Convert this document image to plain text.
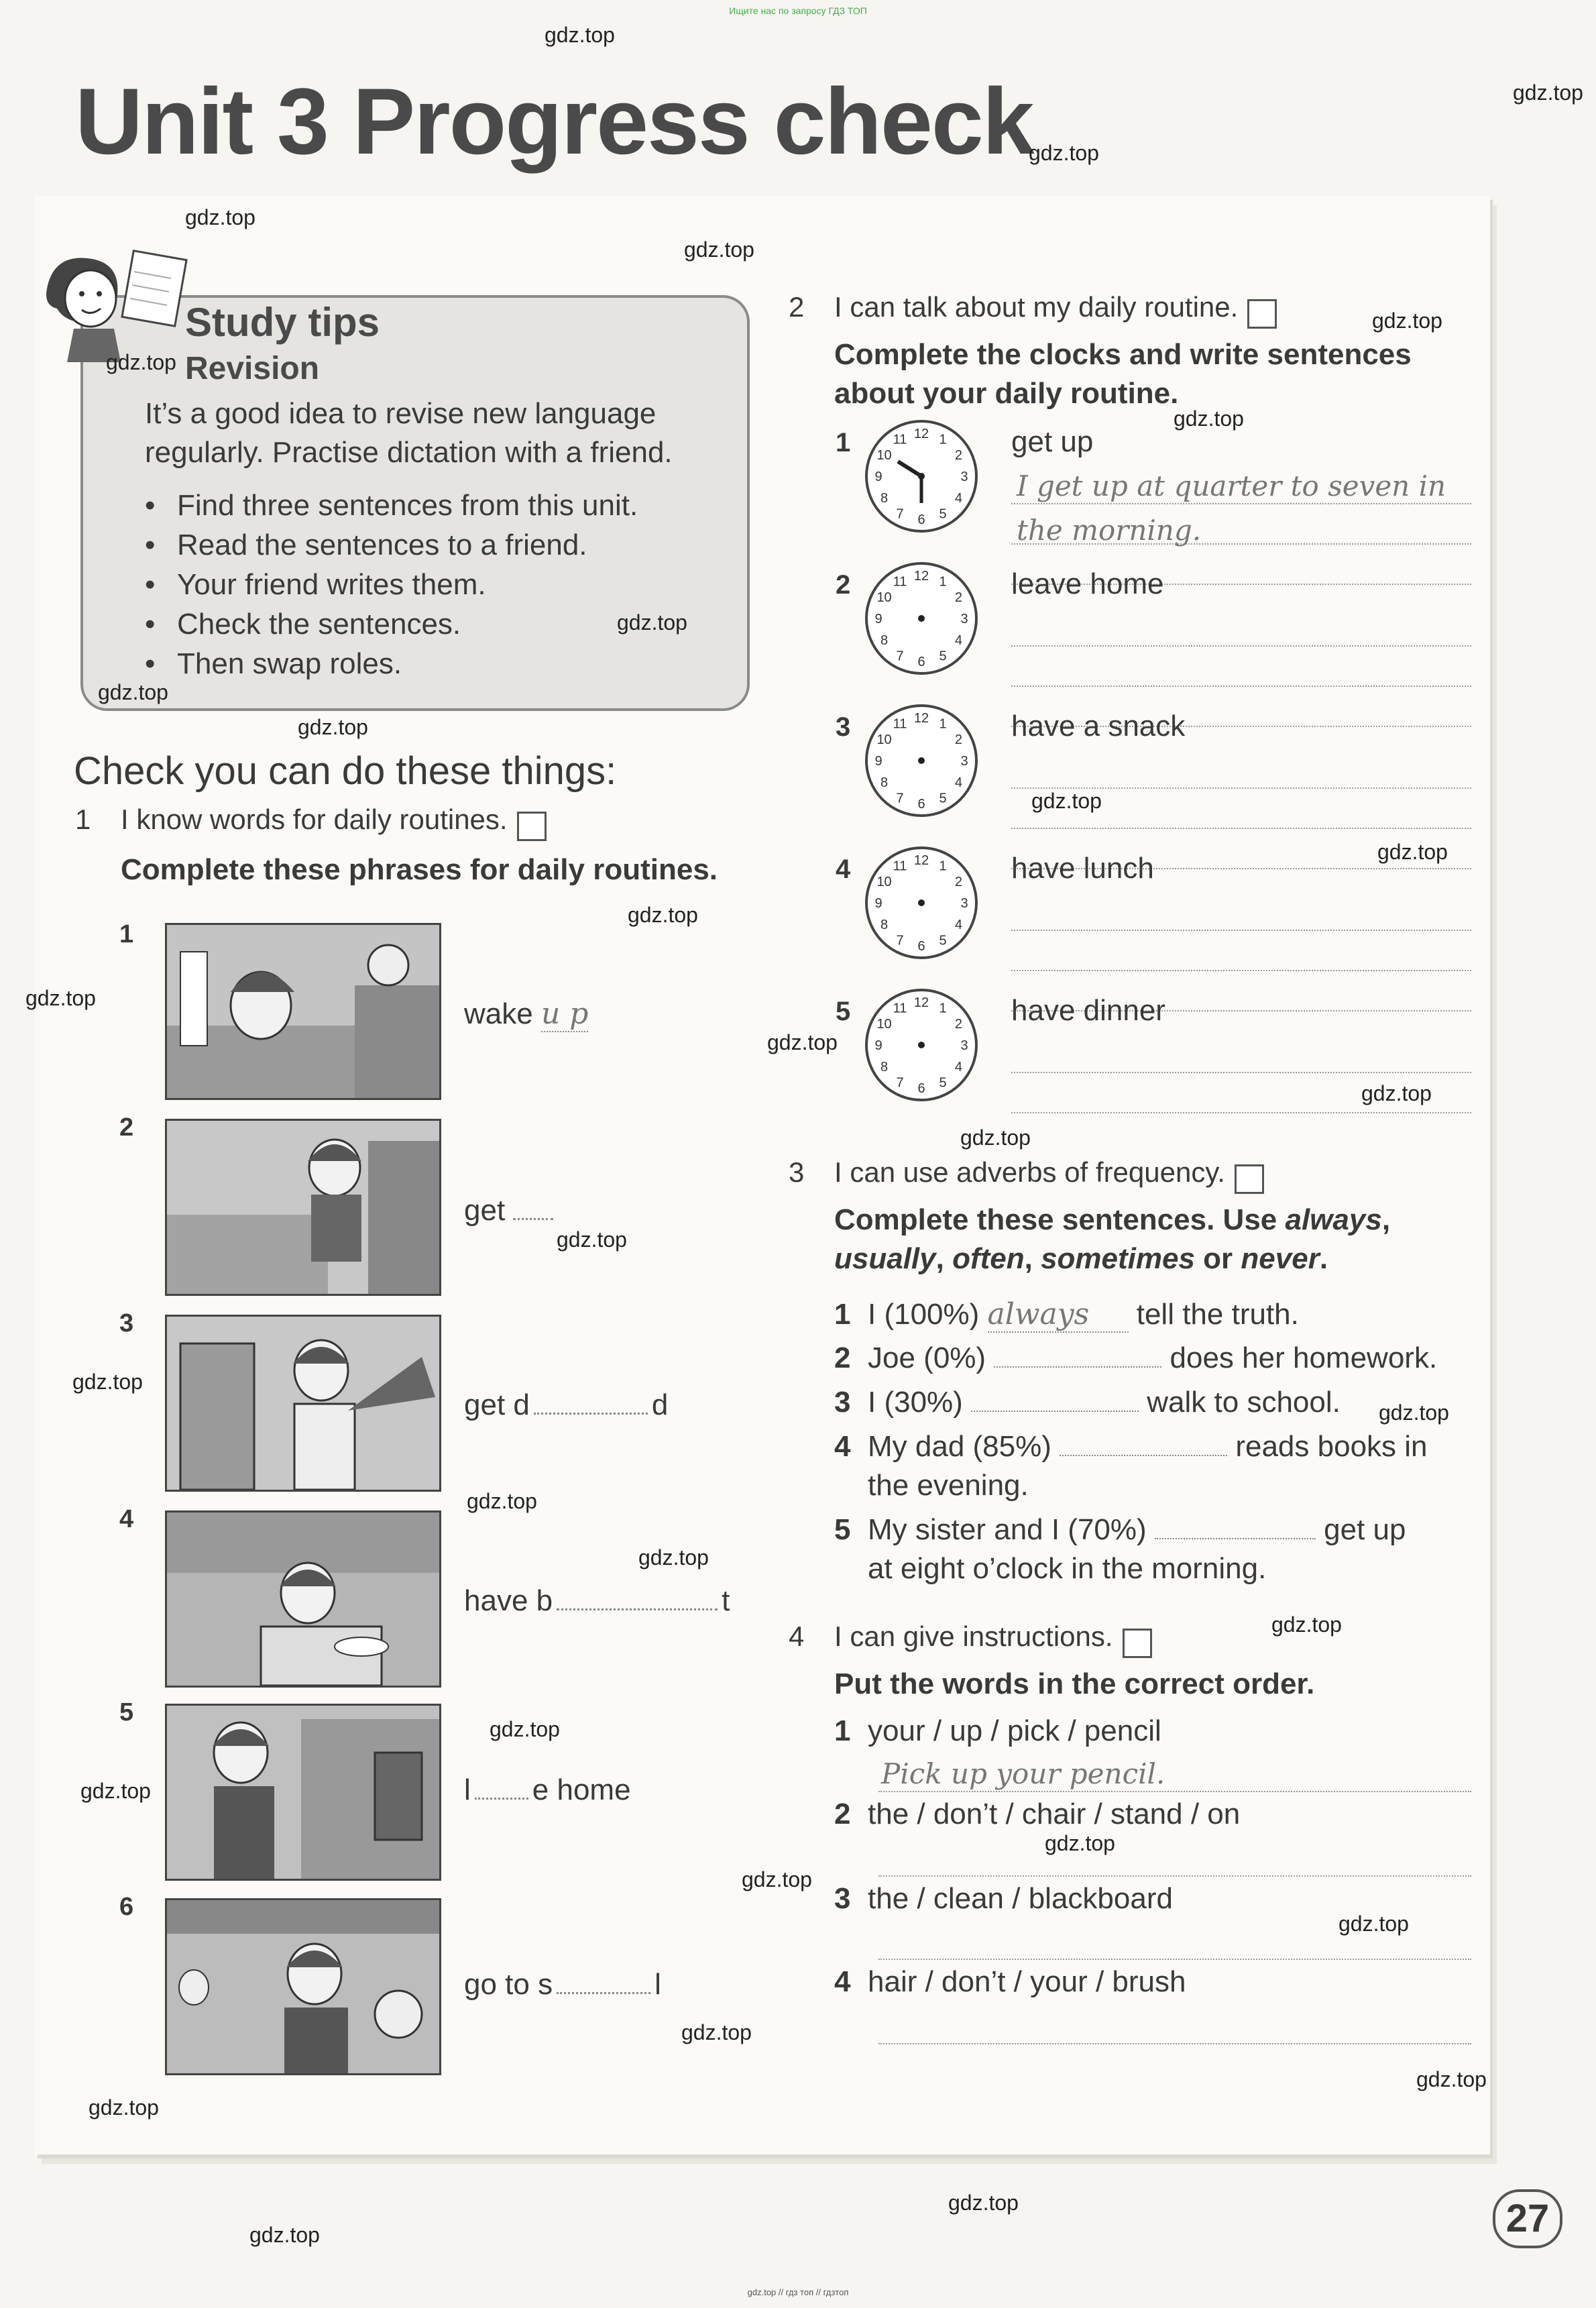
Ищите нас по запросу ГДЗ ТОП
Unit 3 Progress check
Study tips
Revision
It’s a good idea to revise new language regularly. Practise dictation with a friend.
• Find three sentences from this unit.
• Read the sentences to a friend.
• Your friend writes them.
• Check the sentences.
• Then swap roles.
Check you can do these things:
1 I know words for daily routines.
Complete these phrases for daily routines.
1
wake u p
2
get
3
get d	d
4
have b	t
5
l e home
6
go to s	l
2 I can talk about my daily routine.
Complete the clocks and write sentences about your daily routine.
1	12 1
2
3
4
5
6
7
8
9
10
11	get up
I get up at quarter to seven in
the morning.
2	12 1
2
3
4
5
6
7
8
9
10
11	leave home
3	12 1
2
3
4
5
6
7
8
9
10
11	have a snack
4	12 1
2
3
4
5
6
7
8
9
10
11	have lunch
5	12 1
2
3
4
5
6
7
8
9
10
11	have dinner
3 I can use adverbs of frequency.
Complete these sentences. Use always, usually, often, sometimes or never.
1 I (100%) always tell the truth.
2 Joe (0%)	does her homework.
3 I (30%)	walk to school.
4 My dad (85%)	reads books in
the evening.
5 My sister and I (70%)	get up
at eight o’clock in the morning.
4 I can give instructions.
Put the words in the correct order.
1 your / up / pick / pencil
Pick up your pencil.
2 the / don’t / chair / stand / on
3 the / clean / blackboard
4 hair / don’t / your / brush
27
gdz.top
gdz.top
gdz.top
gdz.top
gdz.top
gdz.top
gdz.top
gdz.top
gdz.top
gdz.top
gdz.top
gdz.top
gdz.top
gdz.top
gdz.top
gdz.top
gdz.top
gdz.top
gdz.top
gdz.top
gdz.top
gdz.top
gdz.top
gdz.top
gdz.top
gdz.top
gdz.top
gdz.top
gdz.top
gdz.top
gdz.top
gdz.top
gdz.top
gdz.top
gdz.top // гдз топ // гдзтоп
